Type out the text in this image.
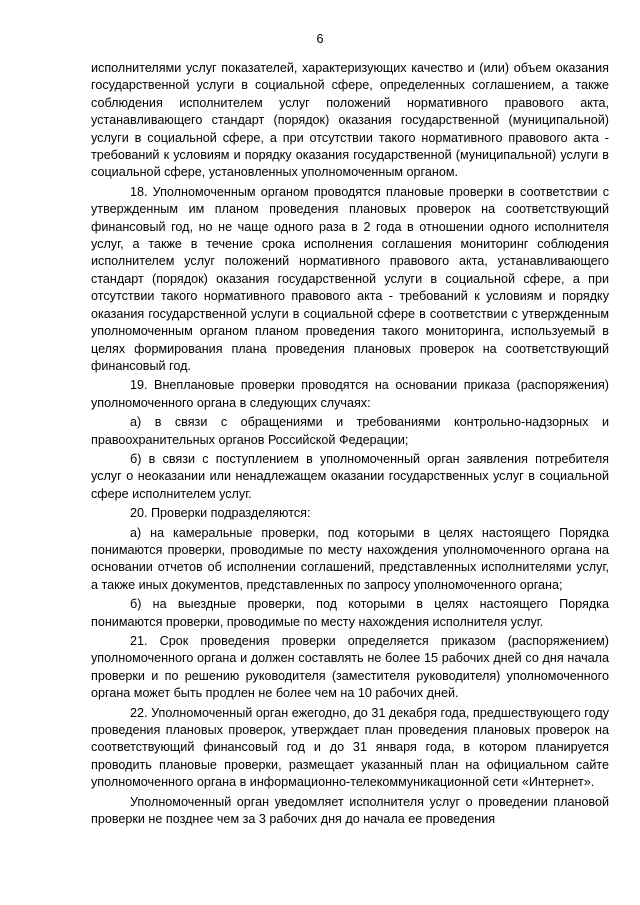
6

исполнителями услуг показателей, характеризующих качество и (или) объем оказания государственной услуги в социальной сфере, определенных соглашением, а также соблюдения исполнителем услуг положений нормативного правового акта, устанавливающего стандарт (порядок) оказания государственной (муниципальной) услуги в социальной сфере, а при отсутствии такого нормативного правового акта - требований к условиям и порядку оказания государственной (муниципальной) услуги в социальной сфере, установленных уполномоченным органом.

18. Уполномоченным органом проводятся плановые проверки в соответствии с утвержденным им планом проведения плановых проверок на соответствующий финансовый год, но не чаще одного раза в 2 года в отношении одного исполнителя услуг, а также в течение срока исполнения соглашения мониторинг соблюдения исполнителем услуг положений нормативного правового акта, устанавливающего стандарт (порядок) оказания государственной услуги в социальной сфере, а при отсутствии такого нормативного правового акта - требований к условиям и порядку оказания государственной услуги в социальной сфере в соответствии с утвержденным уполномоченным органом планом проведения такого мониторинга, используемый в целях формирования плана проведения плановых проверок на соответствующий финансовый год.

19. Внеплановые проверки проводятся на основании приказа (распоряжения) уполномоченного органа в следующих случаях:

а) в связи с обращениями и требованиями контрольно-надзорных и правоохранительных органов Российской Федерации;

б) в связи с поступлением в уполномоченный орган заявления потребителя услуг о неоказании или ненадлежащем оказании государственных услуг в социальной сфере исполнителем услуг.

20. Проверки подразделяются:

а) на камеральные проверки, под которыми в целях настоящего Порядка понимаются проверки, проводимые по месту нахождения уполномоченного органа на основании отчетов об исполнении соглашений, представленных исполнителями услуг, а также иных документов, представленных по запросу уполномоченного органа;

б) на выездные проверки, под которыми в целях настоящего Порядка понимаются проверки, проводимые по месту нахождения исполнителя услуг.

21. Срок проведения проверки определяется приказом (распоряжением) уполномоченного органа и должен составлять не более 15 рабочих дней со дня начала проверки и по решению руководителя (заместителя руководителя) уполномоченного органа может быть продлен не более чем на 10 рабочих дней.

22. Уполномоченный орган ежегодно, до 31 декабря года, предшествующего году проведения плановых проверок, утверждает план проведения плановых проверок на соответствующий финансовый год и до 31 января года, в котором планируется проводить плановые проверки, размещает указанный план на официальном сайте уполномоченного органа в информационно-телекоммуникационной сети «Интернет».

Уполномоченный орган уведомляет исполнителя услуг о проведении плановой проверки не позднее чем за 3 рабочих дня до начала ее проведения
